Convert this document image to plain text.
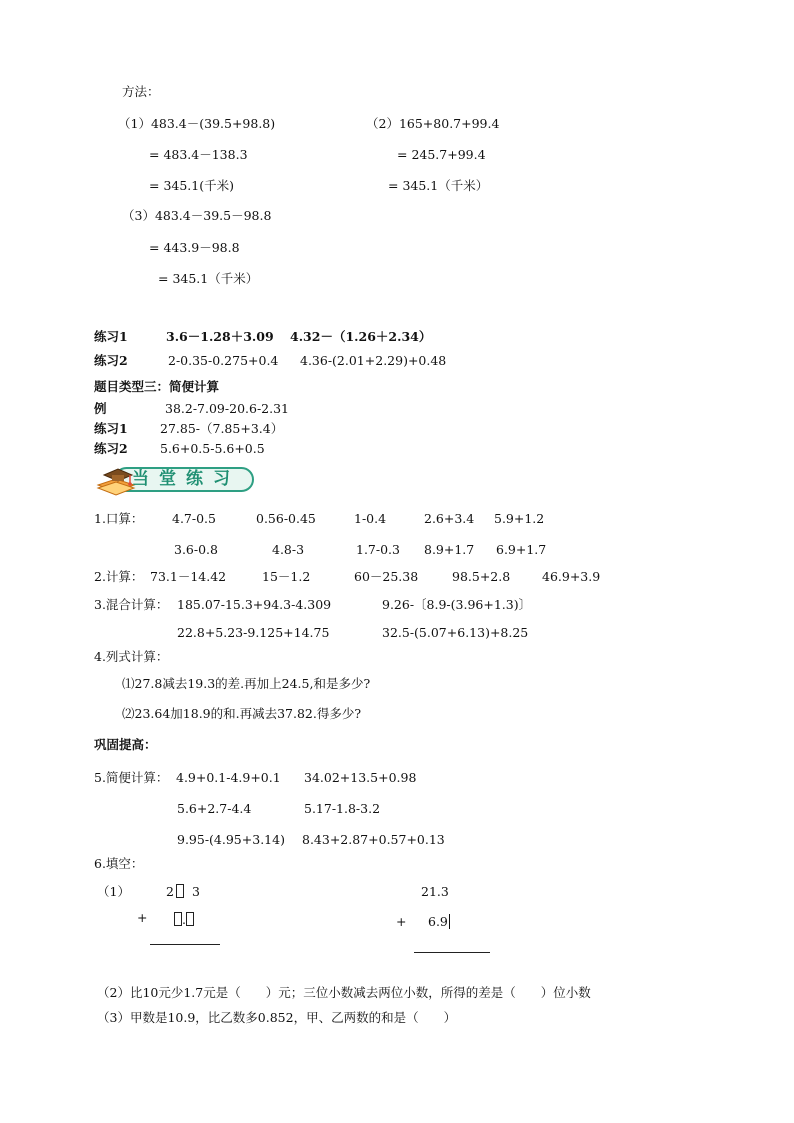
方法：
（1）483.4－(39.5+98.8)
= 483.4－138.3
= 345.1(千米)
（2）165+80.7+99.4
= 245.7+99.4
= 345.1（千米）
（3）483.4－39.5－98.8
= 443.9－98.8
= 345.1（千米）
练习1	3.6－1.28＋3.09 4.32－（1.26＋2.34）
练习2	2-0.35-0.275+0.4 4.36-(2.01+2.29)+0.48
题目类型三：简便计算
例	38.2-7.09-20.6-2.31
练习1	27.85-（7.85+3.4）
练习2	5.6+0.5-5.6+0.5
当堂练习
1.口算： 4.7-0.5	0.56-0.45	1-0.4	2.6+3.4 5.9+1.2
3.6-0.8	4.8-3	1.7-0.3 8.9+1.7 6.9+1.7
2.计算： 73.1－14.42	15－1.2	60－25.38	98.5+2.8	46.9+3.9
3.混合计算： 185.07-15.3+94.3-4.309	9.26-〔8.9-(3.96+1.3)〕
22.8+5.23-9.125+14.75	32.5-(5.07+6.13)+8.25
4.列式计算：
⑴27.8减去19.3的差.再加上24.5,和是多少?
⑵23.64加18.9的和.再减去37.82.得多少?
巩固提高：
5.简便计算： 4.9+0.1-4.9+0.1 34.02+13.5+0.98
5.6+2.7-4.4	5.17-1.8-3.2
9.95-(4.95+3.14) 8.43+2.87+0.57+0.13
6.填空：
（1）	2 3
+	.
21.3
+ 6.9
（2）比10元少1.7元是（　　）元；三位小数减去两位小数，所得的差是（　　）位小数
（3）甲数是10.9，比乙数多0.852，甲、乙两数的和是（　　）
